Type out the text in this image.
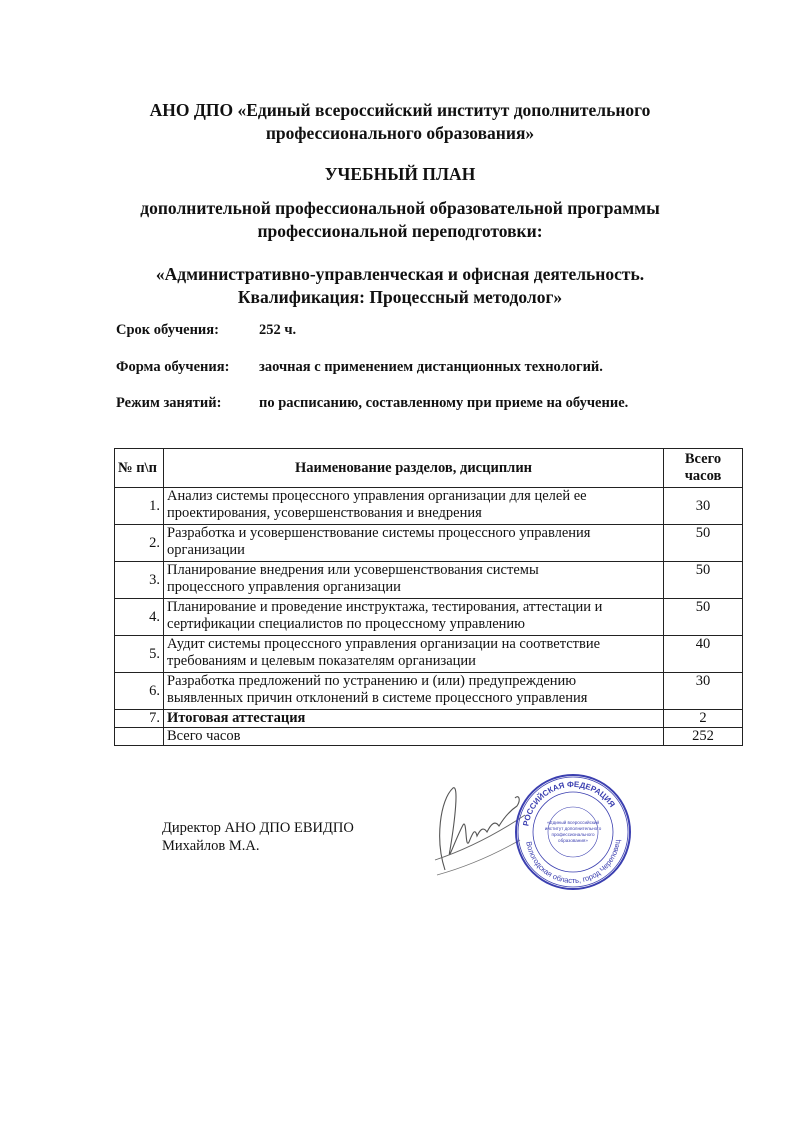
АНО ДПО «Единый всероссийский институт дополнительного
профессионального образования»
УЧЕБНЫЙ ПЛАН
дополнительной профессиональной образовательной программы
профессиональной переподготовки:
«Административно-управленческая и офисная деятельность.
Квалификация: Процессный методолог»
Срок обучения:	252 ч.
Форма обучения: заочная с применением дистанционных технологий.
Режим занятий:	по расписанию, составленному при приеме на обучение.
№ п\п	Наименование разделов, дисциплин	Всего
часов

1.	Анализ системы процессного управления организации для целей ее
проектирования, усовершенствования и внедрения	30
2.	Разработка и усовершенствование системы процессного управления
организации	50
3.	Планирование внедрения или усовершенствования системы
процессного управления организации	50
4.	Планирование и проведение инструктажа, тестирования, аттестации и
сертификации специалистов по процессному управлению	50
5.	Аудит системы процессного управления организации на соответствие
требованиям и целевым показателям организации	40
6.	Разработка предложений по устранению и (или) предупреждению
выявленных причин отклонений в системе процессного управления	30
7.	Итоговая аттестация	2
	Всего часов	252
Директор АНО ДПО ЕВИДПО
Михайлов М.А.
РОССИЙСКАЯ ФЕДЕРАЦИЯ
Вологодская область, город Череповец
«Единый всероссийский
институт дополнительного
профессионального
образования»
